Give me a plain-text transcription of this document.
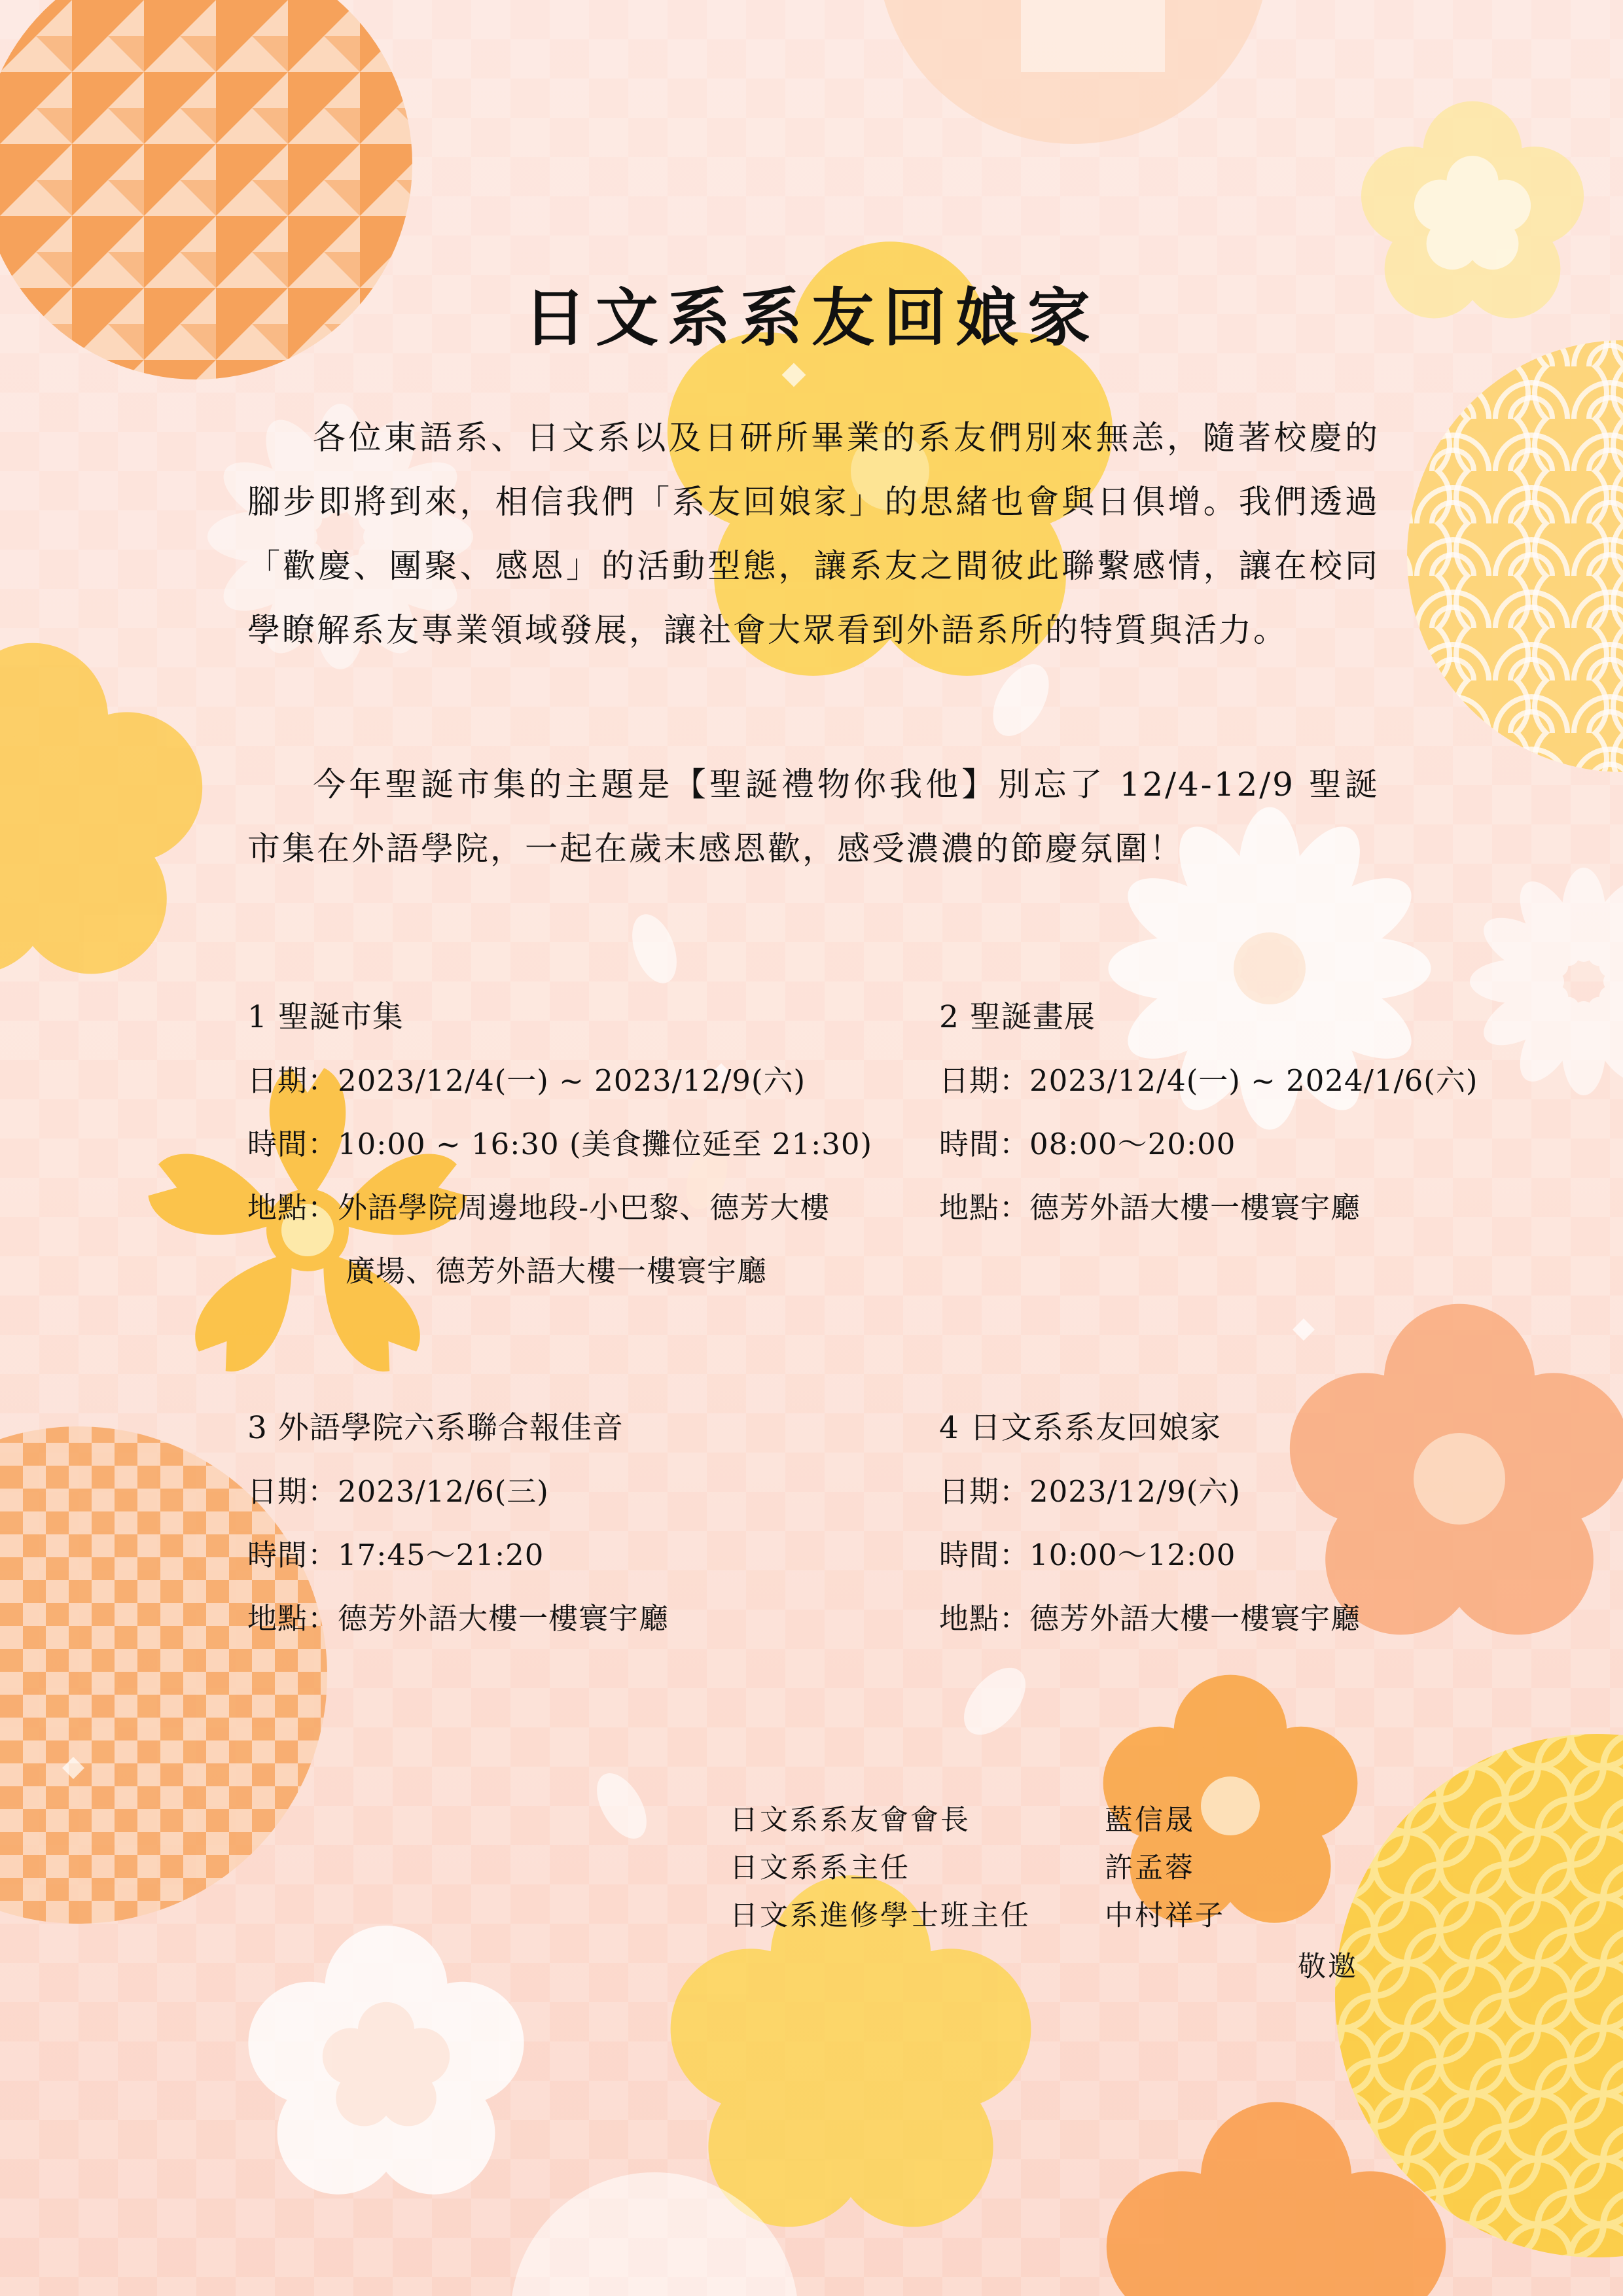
日文系系友回娘家

各位東語系、日文系以及日研所畢業的系友們別來無恙，隨著校慶的腳步即將到來，相信我們「系友回娘家」的思緒也會與日俱增。我們透過「歡慶、團聚、感恩」的活動型態，讓系友之間彼此聯繫感情，讓在校同學瞭解系友專業領域發展，讓社會大眾看到外語系所的特質與活力。

今年聖誕市集的主題是【聖誕禮物你我他】別忘了 12/4-12/9 聖誕市集在外語學院，一起在歲末感恩歡，感受濃濃的節慶氛圍！

1 聖誕市集
日期：2023/12/4(一) ~ 2023/12/9(六)
時間：10:00 ~ 16:30 (美食攤位延至 21:30)
地點：外語學院周邊地段-小巴黎、德芳大樓
廣場、德芳外語大樓一樓寰宇廳
2 聖誕畫展
日期：2023/12/4(一) ~ 2024/1/6(六)
時間：08:00～20:00
地點：德芳外語大樓一樓寰宇廳
3 外語學院六系聯合報佳音
日期：2023/12/6(三)
時間：17:45～21:20
地點：德芳外語大樓一樓寰宇廳
4 日文系系友回娘家
日期：2023/12/9(六)
時間：10:00～12:00
地點：德芳外語大樓一樓寰宇廳
日文系系友會會長
日文系系主任
日文系進修學士班主任
藍信晟
許孟蓉
中村祥子
敬邀
